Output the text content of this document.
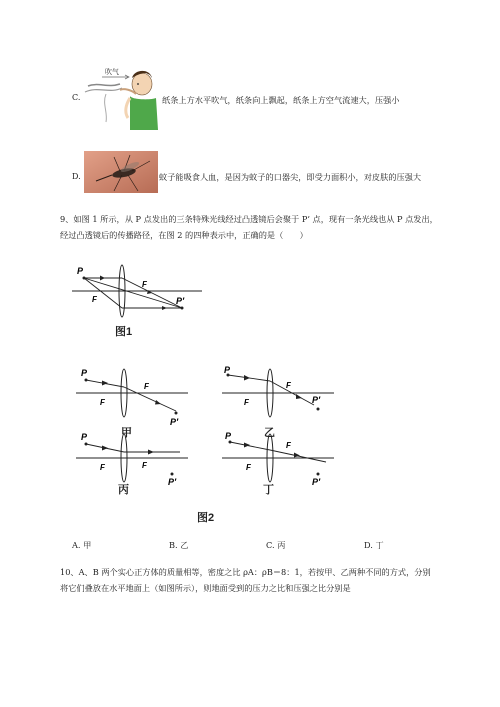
C.
吹气
纸条上方水平吹气，纸条向上飘起，纸条上方空气流速大，压强小
D.	蚊子能吸食人血，是因为蚊子的口器尖，即受力面积小，对皮肤的压强大
9、如图 1 所示，从 P 点发出的三条特殊光线经过凸透镜后会聚于 P’ 点，现有一条光线也从 P 点发出，
经过凸透镜后的传播路径，在图 2 的四种表示中，正确的是（　　）
P
F
F
P′
图1
P
F
F
P′
甲
P
F
F
P′
乙
P
F	F
P′
丙
P
F
F
P′
丁
图2
A. 甲	B. 乙	C. 丙	D. 丁
10、A、B 两个实心正方体的质量相等，密度之比 ρA：ρB＝8：1，若按甲、乙两种不同的方式，分别
将它们叠放在水平地面上（如图所示），则地面受到的压力之比和压强之比分别是
